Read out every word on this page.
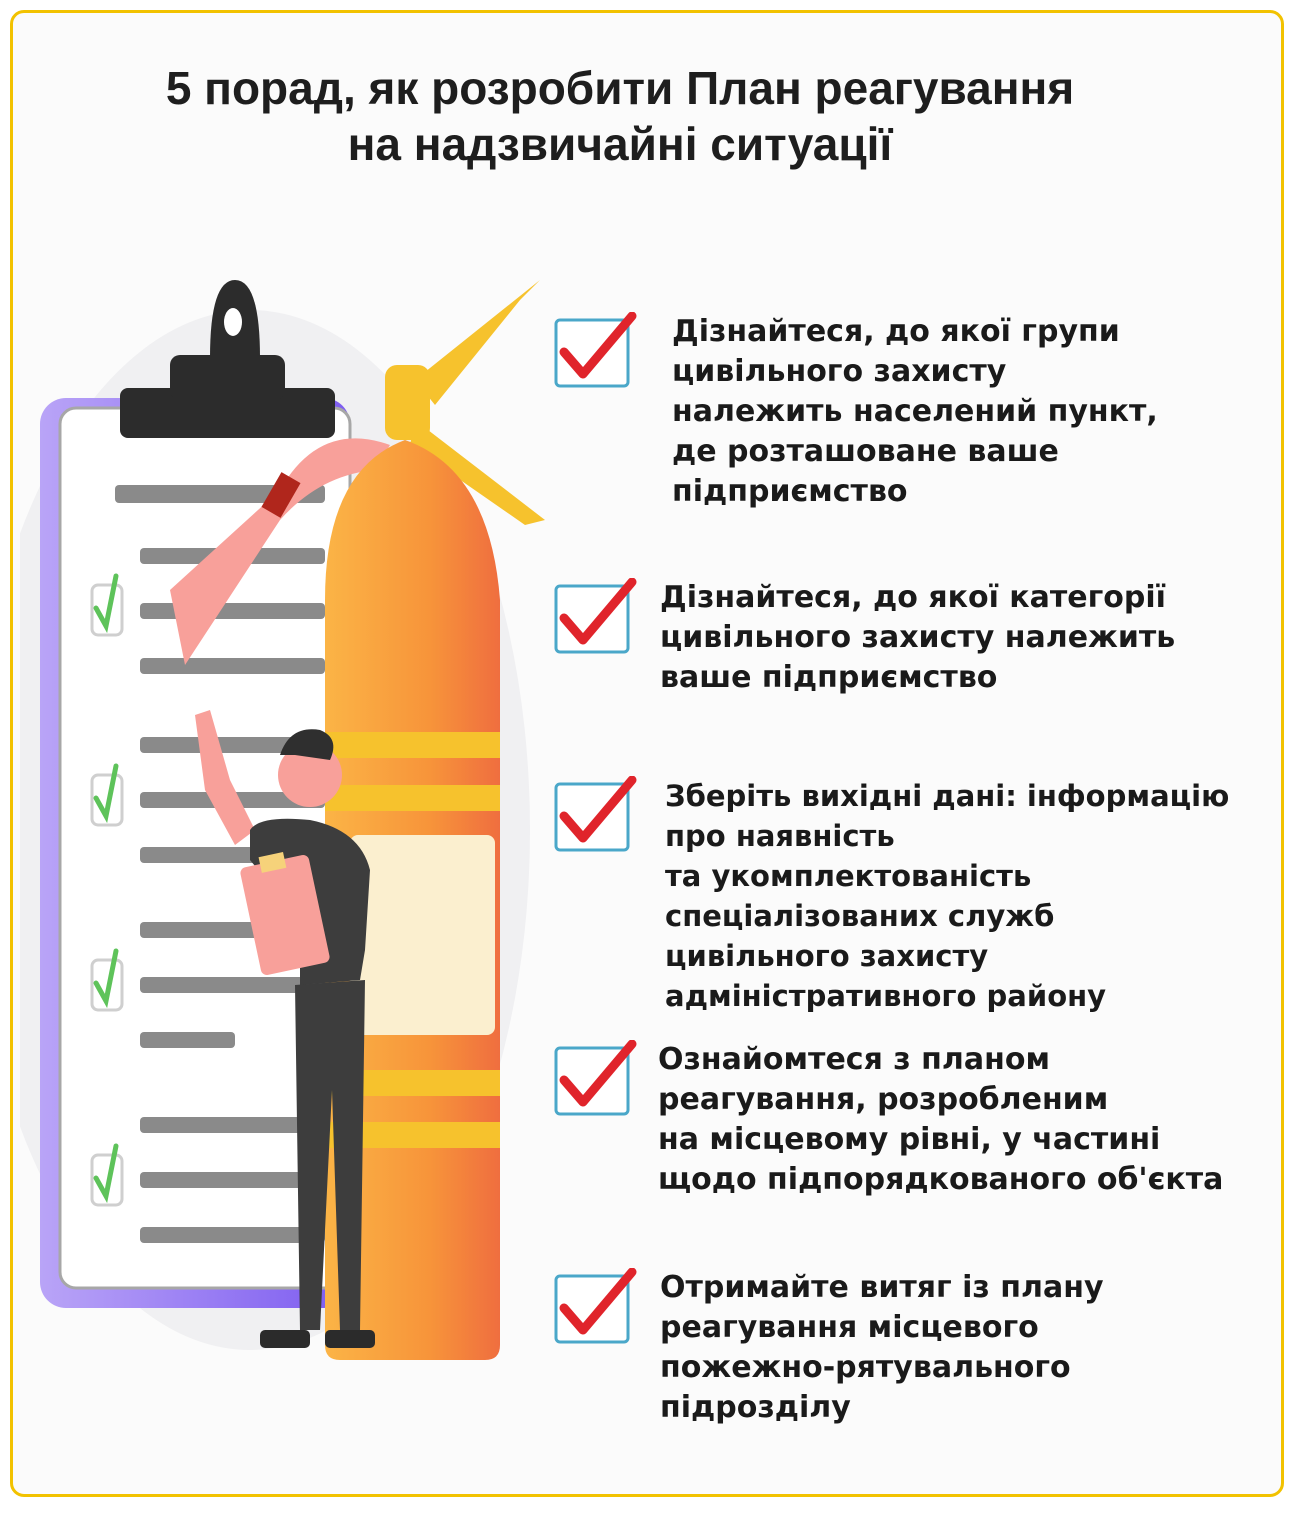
5 порад, як розробити План реагування
на надзвичайні ситуації

Дізнайтеся, до якої групи
цивільного захисту
належить населений пункт,
де розташоване ваше
підприємство

Дізнайтеся, до якої категорії
цивільного захисту належить
ваше підприємство

Зберіть вихідні дані: інформацію
про наявність
та укомплектованість
спеціалізованих служб
цивільного захисту
адміністративного району

Ознайомтеся з планом
реагування, розробленим
на місцевому рівні, у частині
щодо підпорядкованого об'єкта

Отримайте витяг із плану
реагування місцевого
пожежно-рятувального
підрозділу
